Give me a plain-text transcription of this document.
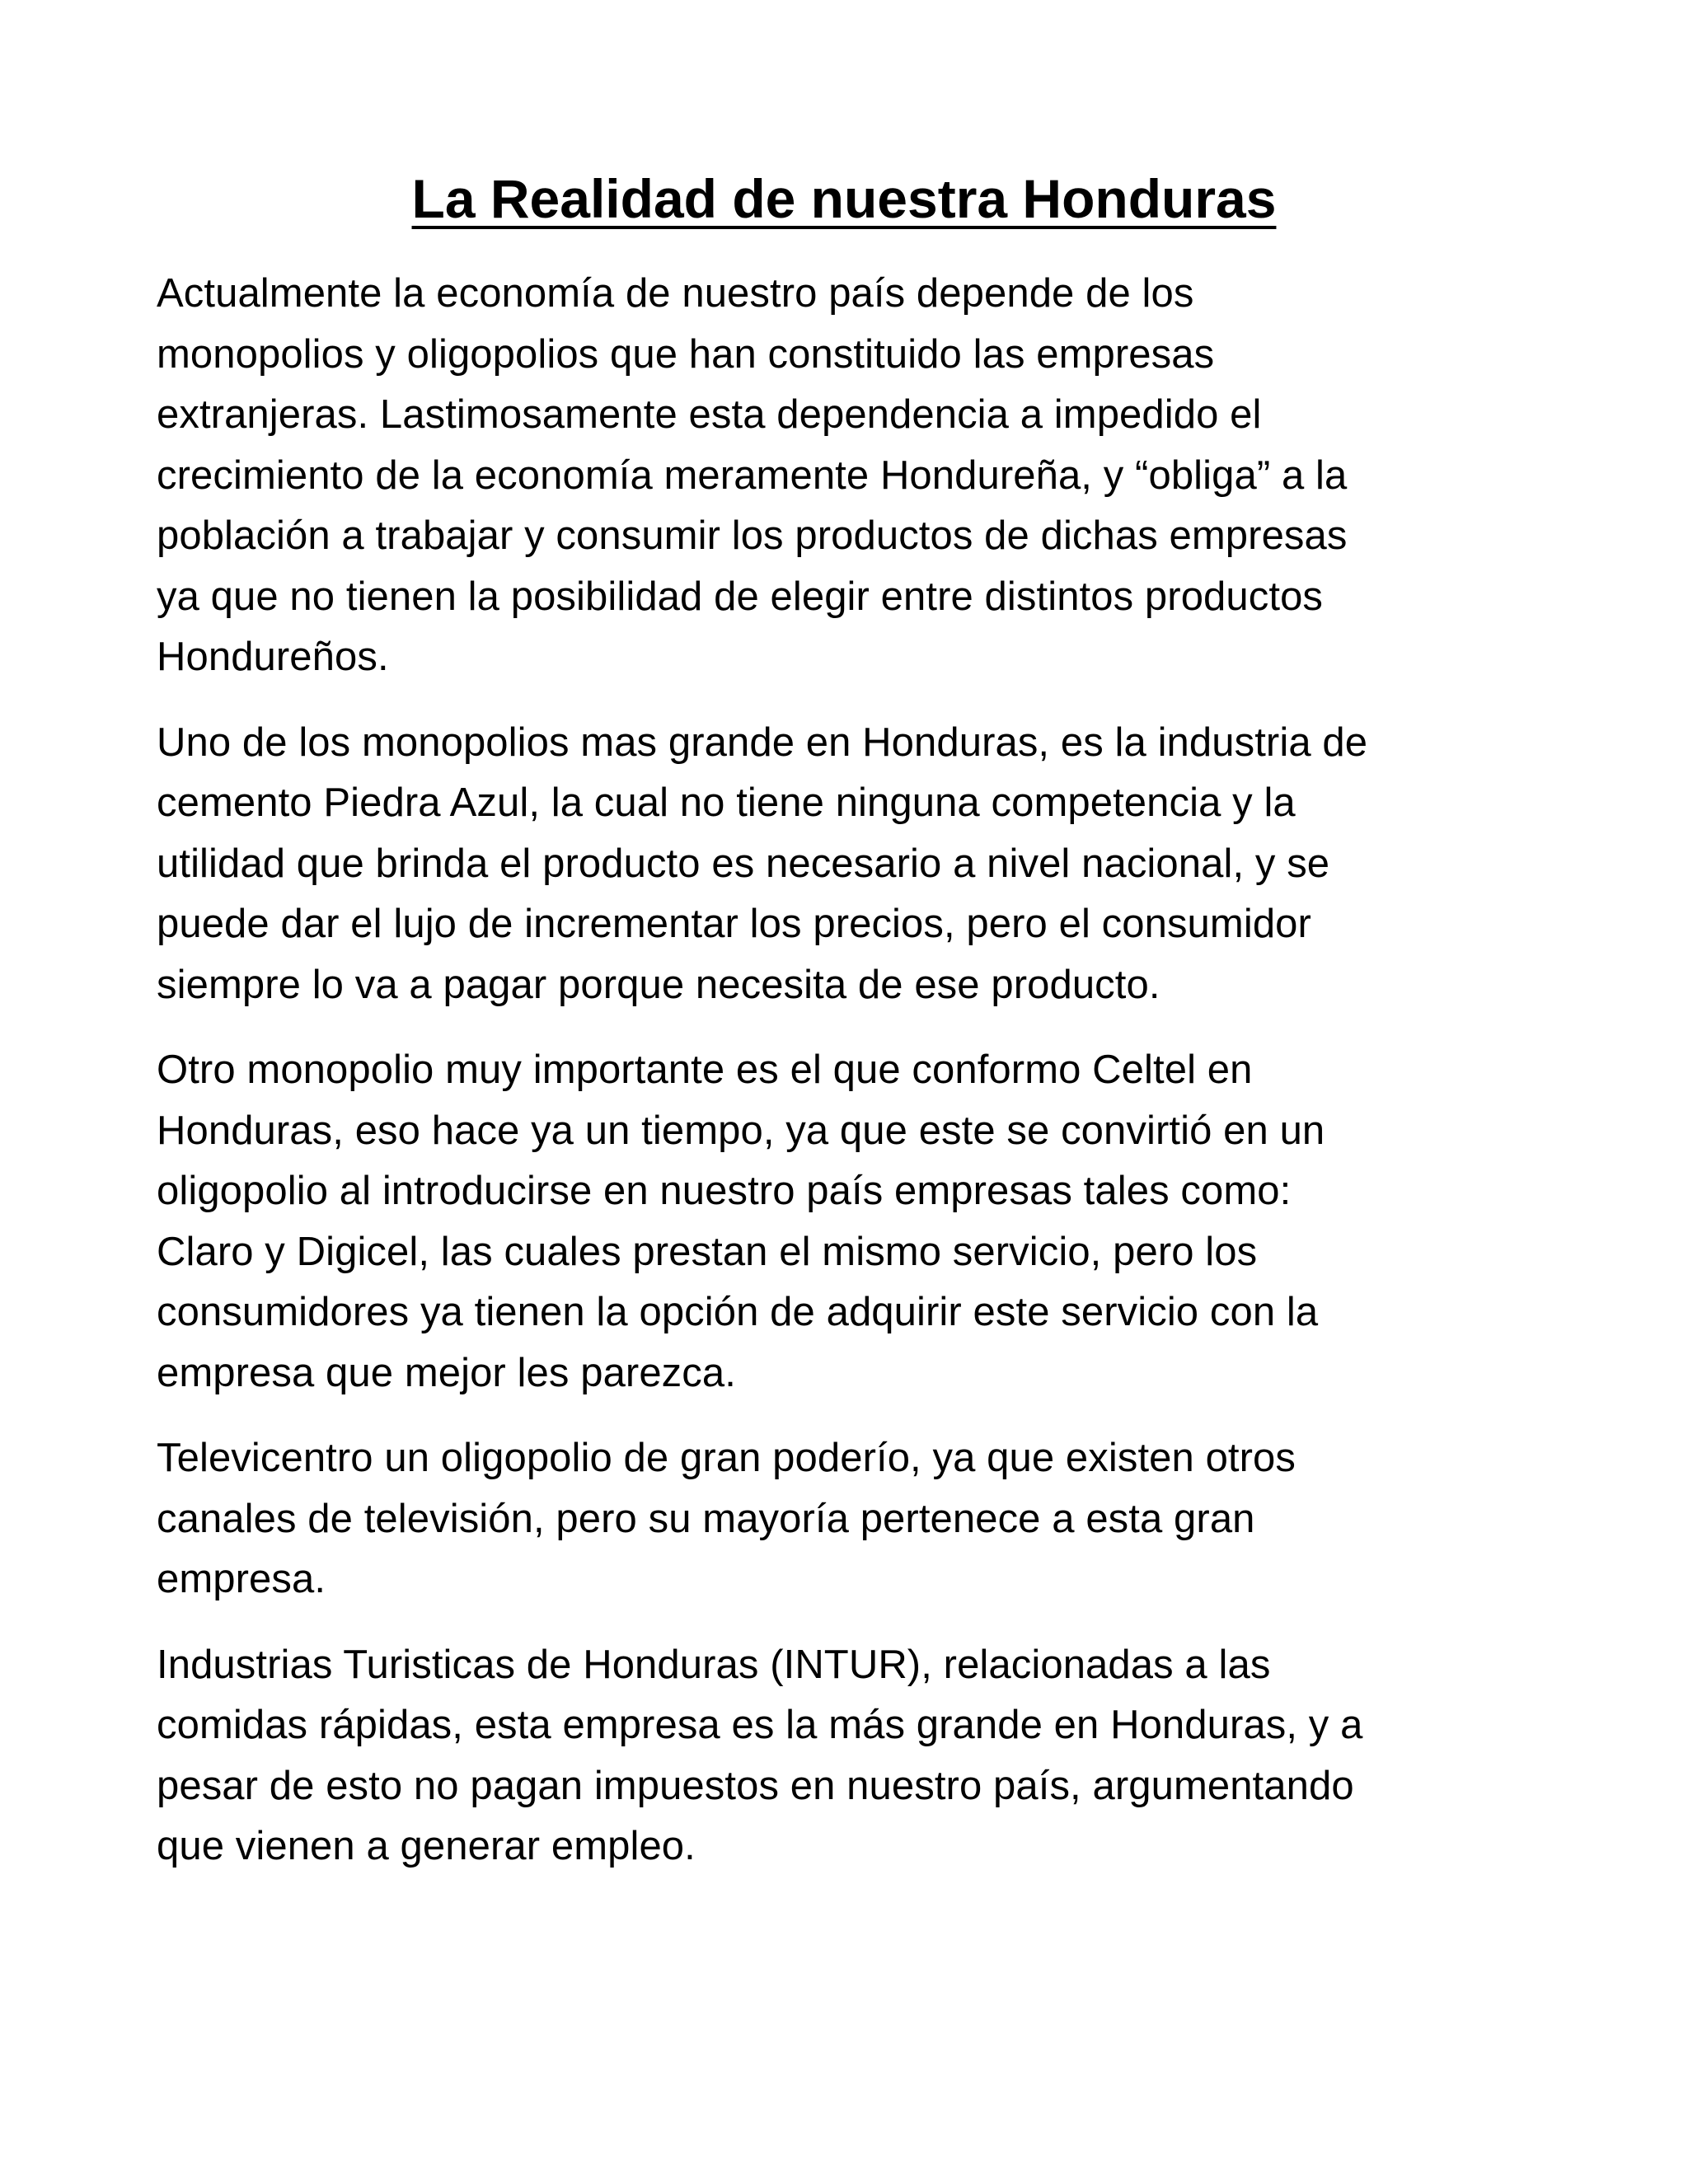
La Realidad de nuestra Honduras

Actualmente la economía de nuestro país depende de los
monopolios y oligopolios que han constituido las empresas
extranjeras. Lastimosamente esta dependencia a impedido el
crecimiento de la economía meramente Hondureña, y “obliga” a la
población a trabajar y consumir los productos de dichas empresas
ya que no tienen la posibilidad de elegir entre distintos productos
Hondureños.

Uno de los monopolios mas grande en Honduras, es la industria de
cemento Piedra Azul, la cual no tiene ninguna competencia y la
utilidad que brinda el producto es necesario a nivel nacional, y se
puede dar el lujo de incrementar los precios, pero el consumidor
siempre lo va a pagar porque necesita de ese producto.

Otro monopolio muy importante es el que conformo Celtel en
Honduras, eso hace ya un tiempo, ya que este se convirtió en un
oligopolio al introducirse en nuestro país empresas tales como:
Claro y Digicel, las cuales prestan el mismo servicio, pero los
consumidores ya tienen la opción de adquirir este servicio con la
empresa que mejor les parezca.

Televicentro un oligopolio de gran poderío, ya que existen otros
canales de televisión, pero su mayoría pertenece a esta gran
empresa.

Industrias Turisticas de Honduras (INTUR), relacionadas a las
comidas rápidas, esta empresa es la más grande en Honduras, y a
pesar de esto no pagan impuestos en nuestro país, argumentando
que vienen a generar empleo.
